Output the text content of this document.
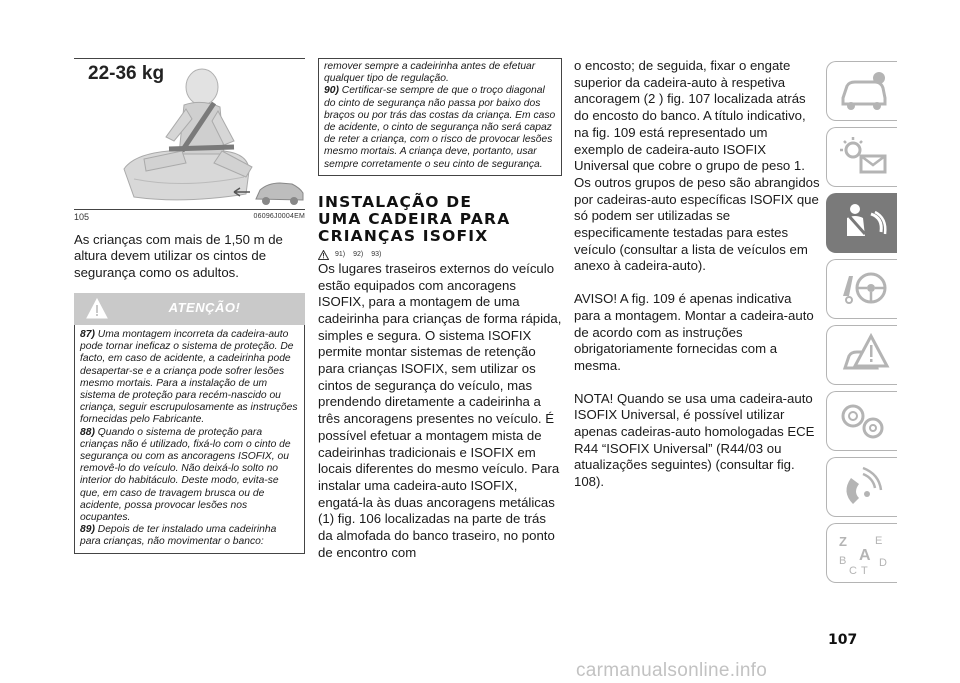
22-36 kg
105	06096J0004EM

As crianças com mais de 1,50 m de altura devem utilizar os cintos de segurança como os adultos.

ATENÇÃO!

87) Uma montagem incorreta da cadeira-auto pode tornar ineficaz o sistema de proteção. De facto, em caso de acidente, a cadeirinha pode desapertar-se e a criança pode sofrer lesões mesmo mortais. Para a instalação de um sistema de proteção para recém-nascido ou criança, seguir escrupulosamente as instruções fornecidas pelo Fabricante.

88) Quando o sistema de proteção para crianças não é utilizado, fixá-lo com o cinto de segurança ou com as ancoragens ISOFIX, ou removê-lo do veículo. Não deixá-lo solto no interior do habitáculo. Deste modo, evita-se que, em caso de travagem brusca ou de acidente, possa provocar lesões nos ocupantes.

89) Depois de ter instalado uma cadeirinha para crianças, não movimentar o banco:

remover sempre a cadeirinha antes de efetuar qualquer tipo de regulação.

90) Certificar-se sempre de que o troço diagonal do cinto de segurança não passa por baixo dos braços ou por trás das costas da criança. Em caso de acidente, o cinto de segurança não será capaz de reter a criança, com o risco de provocar lesões mesmo mortais. A criança deve, portanto, usar sempre corretamente o seu cinto de segurança.

INSTALAÇÃO DE
UMA CADEIRA PARA
CRIANÇAS ISOFIX
91) 92) 93)

Os lugares traseiros externos do veículo estão equipados com ancoragens ISOFIX, para a montagem de uma cadeirinha para crianças de forma rápida, simples e segura. O sistema ISOFIX permite montar sistemas de retenção para crianças ISOFIX, sem utilizar os cintos de segurança do veículo, mas prendendo diretamente a cadeirinha a três ancoragens presentes no veículo. É possível efetuar a montagem mista de cadeirinhas tradicionais e ISOFIX em locais diferentes do mesmo veículo. Para instalar uma cadeira-auto ISOFIX, engatá-la às duas ancoragens metálicas (1) fig. 106 localizadas na parte de trás da almofada do banco traseiro, no ponto de encontro com

o encosto; de seguida, fixar o engate superior da cadeira-auto à respetiva ancoragem (2 ) fig. 107 localizada atrás do encosto do banco. A título indicativo, na fig. 109 está representado um exemplo de cadeira-auto ISOFIX Universal que cobre o grupo de peso 1. Os outros grupos de peso são abrangidos por cadeiras-auto específicas ISOFIX que só podem ser utilizadas se especificamente testadas para estes veículo (consultar a lista de veículos em anexo à cadeira-auto).

AVISO! A fig. 109 é apenas indicativa para a montagem. Montar a cadeira-auto de acordo com as instruções obrigatoriamente fornecidas com a mesma.

NOTA! Quando se usa uma cadeira-auto ISOFIX Universal, é possível utilizar apenas cadeiras-auto homologadas ECE R44 “ISOFIX Universal” (R44/03 ou atualizações seguintes) (consultar fig. 108).

Z	E
B A
C T
D
107
carmanualsonline.info
